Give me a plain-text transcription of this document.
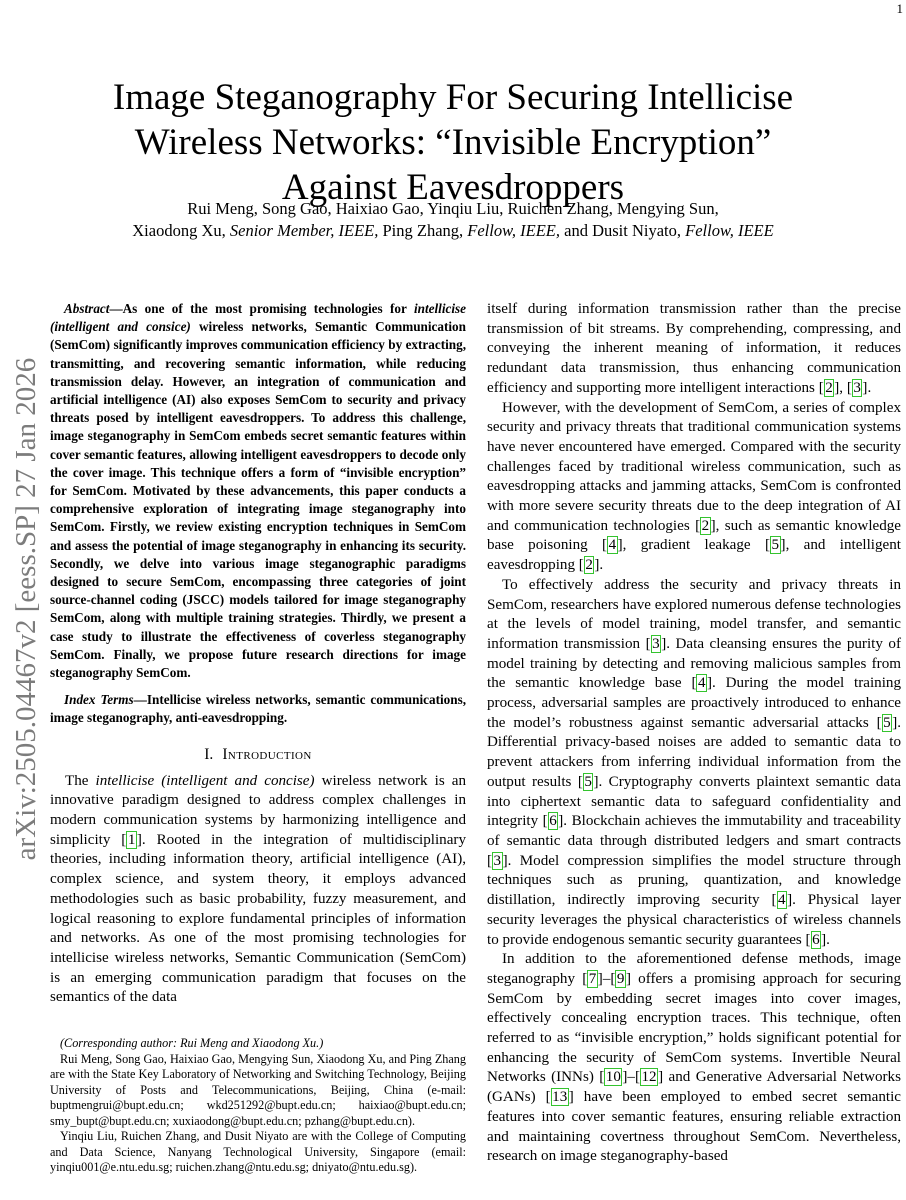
1
arXiv:2505.04467v2 [eess.SP] 27 Jan 2026
Image Steganography For Securing Intellicise
Wireless Networks: “Invisible Encryption”
Against Eavesdroppers
Rui Meng, Song Gao, Haixiao Gao, Yinqiu Liu, Ruichen Zhang, Mengying Sun,
Xiaodong Xu, Senior Member, IEEE, Ping Zhang, Fellow, IEEE, and Dusit Niyato, Fellow, IEEE

Abstract—As one of the most promising technologies for intellicise (intelligent and consice) wireless networks, Semantic Communication (SemCom) significantly improves communication efficiency by extracting, transmitting, and recovering semantic information, while reducing transmission delay. However, an integration of communication and artificial intelligence (AI) also exposes SemCom to security and privacy threats posed by intelligent eavesdroppers. To address this challenge, image steganography in SemCom embeds secret semantic features within cover semantic features, allowing intelligent eavesdroppers to decode only the cover image. This technique offers a form of “invisible encryption” for SemCom. Motivated by these advancements, this paper conducts a comprehensive exploration of integrating image steganography into SemCom. Firstly, we review existing encryption techniques in SemCom and assess the potential of image steganography in enhancing its security. Secondly, we delve into various image steganographic paradigms designed to secure SemCom, encompassing three categories of joint source-channel coding (JSCC) models tailored for image steganography SemCom, along with multiple training strategies. Thirdly, we present a case study to illustrate the effectiveness of coverless steganography SemCom. Finally, we propose future research directions for image steganography SemCom.

Index Terms—Intellicise wireless networks, semantic communications, image steganography, anti-eavesdropping.

I. Introduction

The intellicise (intelligent and concise) wireless network is an innovative paradigm designed to address complex challenges in modern communication systems by harmonizing intelligence and simplicity [1]. Rooted in the integration of multidisciplinary theories, including information theory, artificial intelligence (AI), complex science, and system theory, it employs advanced methodologies such as basic probability, fuzzy measurement, and logical reasoning to explore fundamental principles of information and networks. As one of the most promising technologies for intellicise wireless networks, Semantic Communication (SemCom) is an emerging communication paradigm that focuses on the semantics of the data

(Corresponding author: Rui Meng and Xiaodong Xu.)

Rui Meng, Song Gao, Haixiao Gao, Mengying Sun, Xiaodong Xu, and Ping Zhang are with the State Key Laboratory of Networking and Switching Technology, Beijing University of Posts and Telecommunications, Beijing, China (e-mail: buptmengrui@bupt.edu.cn; wkd251292@bupt.edu.cn; haixiao@bupt.edu.cn; smy_bupt@bupt.edu.cn; xuxiaodong@bupt.edu.cn; pzhang@bupt.edu.cn).

Yinqiu Liu, Ruichen Zhang, and Dusit Niyato are with the College of Computing and Data Science, Nanyang Technological University, Singapore (email: yinqiu001@e.ntu.edu.sg; ruichen.zhang@ntu.edu.sg; dniyato@ntu.edu.sg).

itself during information transmission rather than the precise transmission of bit streams. By comprehending, compressing, and conveying the inherent meaning of information, it reduces redundant data transmission, thus enhancing communication efficiency and supporting more intelligent interactions [2], [3].

However, with the development of SemCom, a series of complex security and privacy threats that traditional communication systems have never encountered have emerged. Compared with the security challenges faced by traditional wireless communication, such as eavesdropping attacks and jamming attacks, SemCom is confronted with more severe security threats due to the deep integration of AI and communication technologies [2], such as semantic knowledge base poisoning [4], gradient leakage [5], and intelligent eavesdropping [2].

To effectively address the security and privacy threats in SemCom, researchers have explored numerous defense technologies at the levels of model training, model transfer, and semantic information transmission [3]. Data cleansing ensures the purity of model training by detecting and removing malicious samples from the semantic knowledge base [4]. During the model training process, adversarial samples are proactively introduced to enhance the model’s robustness against semantic adversarial attacks [5]. Differential privacy-based noises are added to semantic data to prevent attackers from inferring individual information from the output results [5]. Cryptography converts plaintext semantic data into ciphertext semantic data to safeguard confidentiality and integrity [6]. Blockchain achieves the immutability and traceability of semantic data through distributed ledgers and smart contracts [3]. Model compression simplifies the model structure through techniques such as pruning, quantization, and knowledge distillation, indirectly improving security [4]. Physical layer security leverages the physical characteristics of wireless channels to provide endogenous semantic security guarantees [6].

In addition to the aforementioned defense methods, image steganography [7]–[9] offers a promising approach for securing SemCom by embedding secret images into cover images, effectively concealing encryption traces. This technique, often referred to as “invisible encryption,” holds significant potential for enhancing the security of SemCom systems. Invertible Neural Networks (INNs) [10]–[12] and Generative Adversarial Networks (GANs) [13] have been employed to embed secret semantic features into cover semantic features, ensuring reliable extraction and maintaining covertness throughout SemCom. Nevertheless, research on image steganography-based
